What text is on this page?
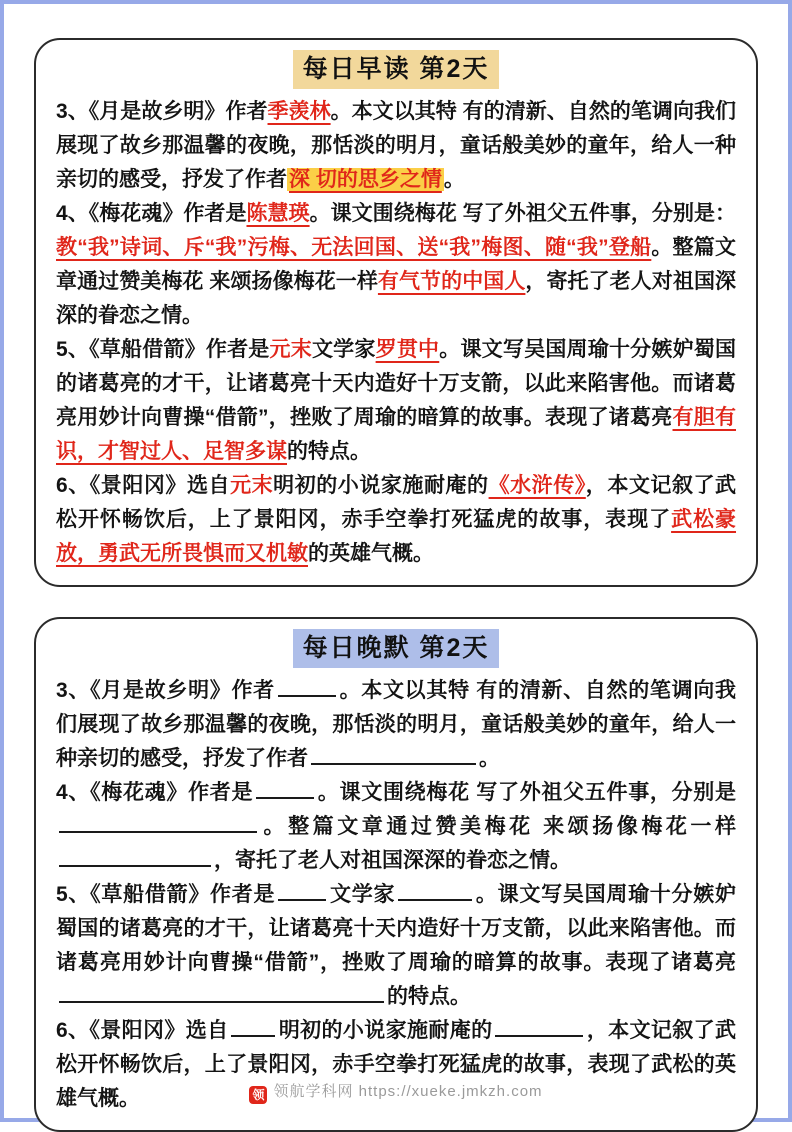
每日早读 第2天

3、《月是故乡明》作者季羡林。本文以其特 有的清新、自然的笔调向我们展现了故乡那温馨的夜晚，那恬淡的明月，童话般美妙的童年，给人一种亲切的感受，抒发了作者深 切的思乡之情。

4、《梅花魂》作者是陈慧瑛。课文围绕梅花 写了外祖父五件事，分别是：教“我”诗词、斥“我”污梅、无法回国、送“我”梅图、随“我”登船。整篇文章通过赞美梅花 来颂扬像梅花一样有气节的中国人，寄托了老人对祖国深深的眷恋之情。

5、《草船借箭》作者是元末文学家罗贯中。课文写吴国周瑜十分嫉妒蜀国的诸葛亮的才干，让诸葛亮十天内造好十万支箭，以此来陷害他。而诸葛亮用妙计向曹操“借箭”，挫败了周瑜的暗算的故事。表现了诸葛亮有胆有识，才智过人、足智多谋的特点。

6、《景阳冈》选自元末明初的小说家施耐庵的《水浒传》，本文记叙了武松开怀畅饮后，上了景阳冈，赤手空拳打死猛虎的故事，表现了武松豪放，勇武无所畏惧而又机敏的英雄气概。

每日晚默 第2天

3、《月是故乡明》作者	。本文以其特 有的清新、自然的笔调向我们展现了故乡那温馨的夜晚，那恬淡的明月，童话般美妙的童年，给人一种亲切的感受，抒发了作者	。

4、《梅花魂》作者是	。课文围绕梅花 写了外祖父五件事，分别是。整篇文章通过赞美梅花 来颂扬像梅花一样，寄托了老人对祖国深深的眷恋之情。

5、《草船借箭》作者是	文学家	。课文写吴国周瑜十分嫉妒蜀国的诸葛亮的才干，让诸葛亮十天内造好十万支箭，以此来陷害他。而诸葛亮用妙计向曹操“借箭”，挫败了周瑜的暗算的故事。表现了诸葛亮的特点。

6、《景阳冈》选自 明初的小说家施耐庵的	，本文记叙了武松开怀畅饮后，上了景阳冈，赤手空拳打死猛虎的故事，表现了武松的英雄气概。	领 领航学科网 https://xueke.jmkzh.com
